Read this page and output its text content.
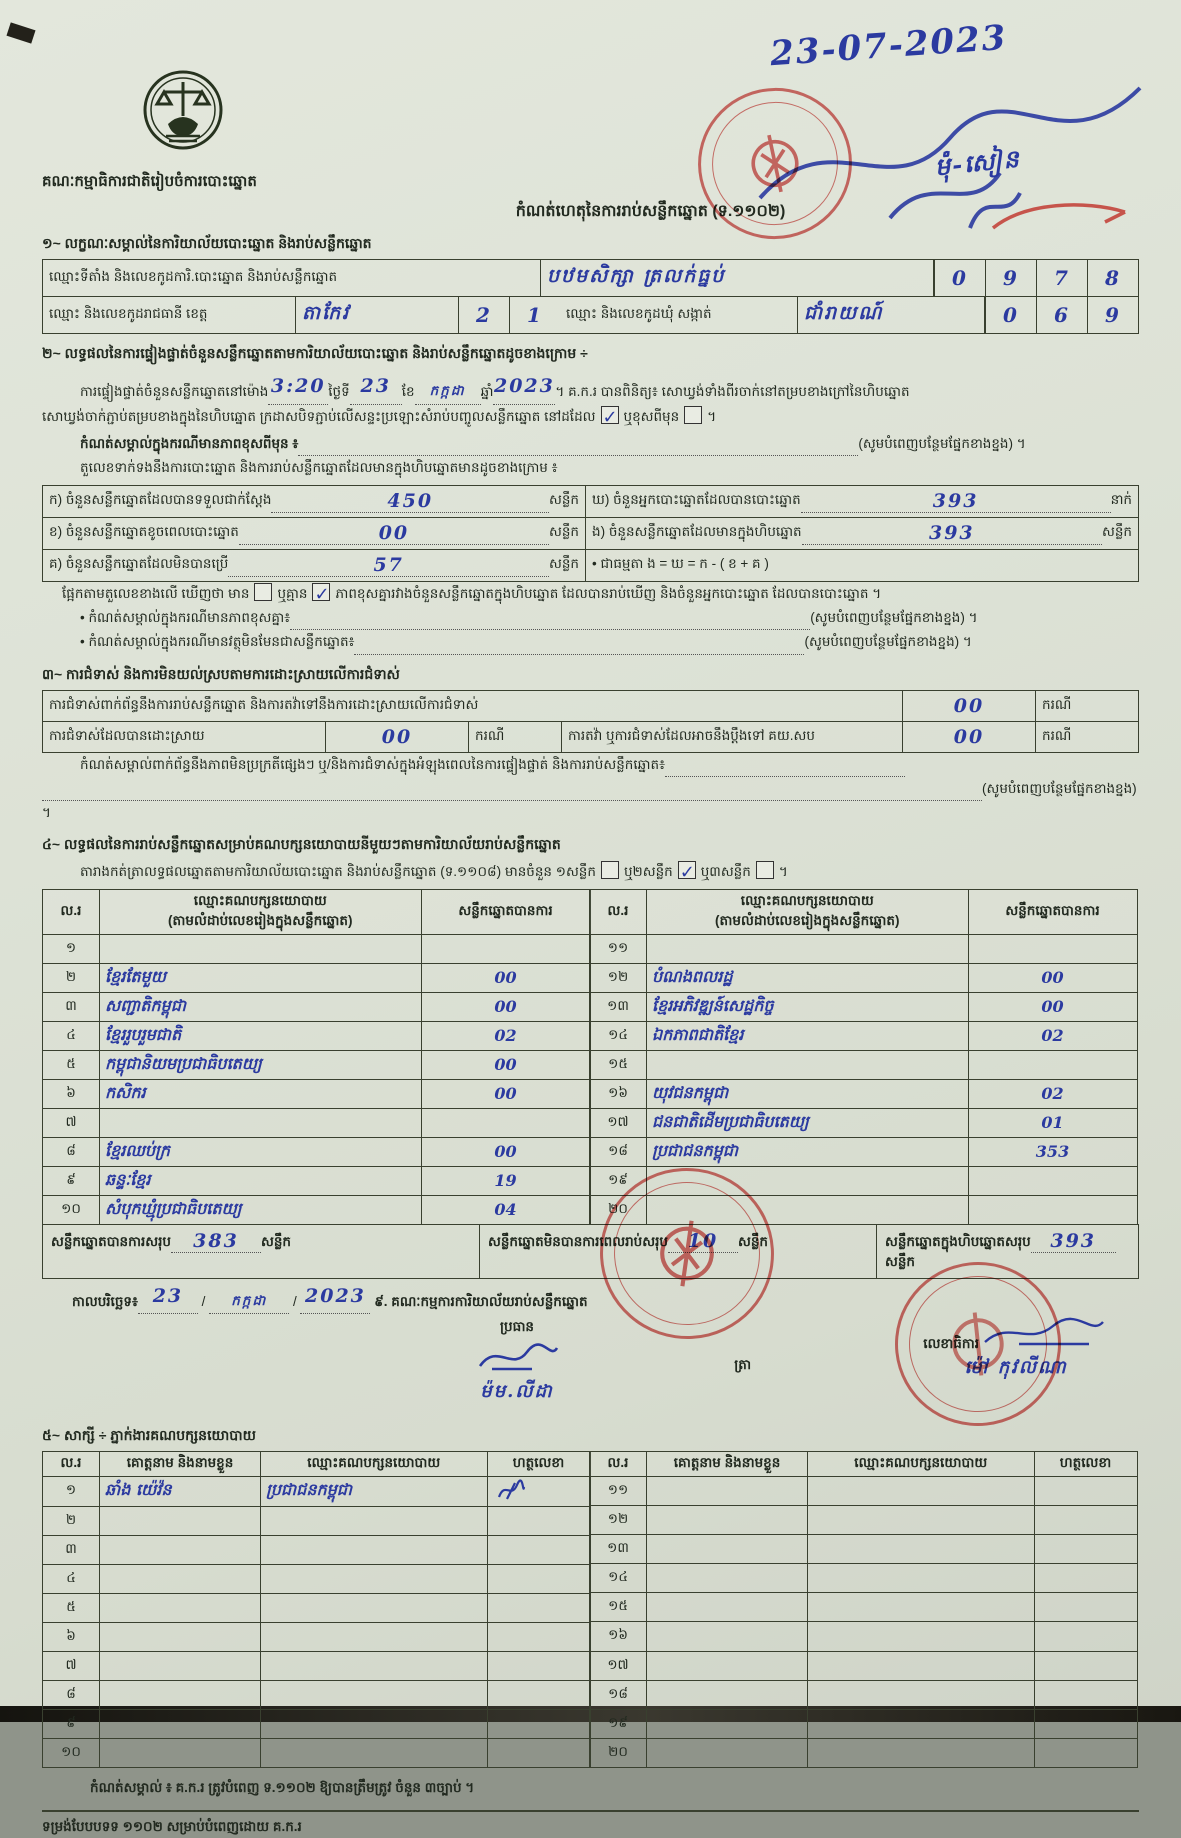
គណៈកម្មាធិការជាតិរៀបចំការបោះឆ្នោត
កំណត់ហេតុនៃការរាប់សន្លឹកឆ្នោត (ទ.១១០២)
១~ លក្ខណៈសម្គាល់នៃការិយាល័យបោះឆ្នោត និងរាប់សន្លឹកឆ្នោត
ឈ្មោះទីតាំង និងលេខកូដការិ.បោះឆ្នោត និងរាប់សន្លឹកឆ្នោត	បឋមសិក្សា ត្រលក់ធ្នប់	0 9 7 8
ឈ្មោះ និងលេខកូដរាជធានី ខេត្ត	តាកែវ	2 1	ឈ្មោះ និងលេខកូដឃុំ សង្កាត់	ជាំរាយណ៍	0 6 9
២~ លទ្ធផលនៃការផ្ទៀងផ្ទាត់ចំនួនសន្លឹកឆ្នោតតាមការិយាល័យបោះឆ្នោត និងរាប់សន្លឹកឆ្នោតដូចខាងក្រោម ÷
ការផ្ទៀងផ្ទាត់ចំនួនសន្លឹកឆ្នោតនៅម៉ោង 3:20 ថ្ងៃទី 23 ខែ កក្កដា ឆ្នាំ2023។ គ.ក.រ បានពិនិត្យ៖ សោឃ្វង់ទាំងពីរចាក់នៅតម្របខាងក្រៅនៃហិបឆ្នោត
សោឃ្វង់ចាក់ភ្ជាប់តម្របខាងក្នុងនៃហិបឆ្នោត ក្រដាសបិទភ្ជាប់លើសន្ទះប្រឡោះសំរាប់បញ្ចូលសន្លឹកឆ្នោត នៅដដែល ✓ ឬខុសពីមុន ។
កំណត់សម្គាល់ក្នុងករណីមានភាពខុសពីមុន ៖	(សូមបំពេញបន្ថែមផ្នែកខាងខ្នង) ។
តួលេខទាក់ទងនឹងការបោះឆ្នោត និងការរាប់សន្លឹកឆ្នោតដែលមានក្នុងហិបឆ្នោតមានដូចខាងក្រោម ៖
ក) ចំនួនសន្លឹកឆ្នោតដែលបានទទួលជាក់ស្តែង	450	សន្លឹក ឃ) ចំនួនអ្នកបោះឆ្នោតដែលបានបោះឆ្នោត	393	នាក់
ខ) ចំនួនសន្លឹកឆ្នោតខូចពេលបោះឆ្នោត	00	សន្លឹក ង) ចំនួនសន្លឹកឆ្នោតដែលមានក្នុងហិបឆ្នោត	393	សន្លឹក
គ) ចំនួនសន្លឹកឆ្នោតដែលមិនបានប្រើ	57	សន្លឹក • ជាធម្មតា ង = ឃ = ក - ( ខ + គ )
ផ្អែកតាមតួលេខខាងលើ ឃើញថា មាន ឬគ្មាន ✓ ភាពខុសគ្នារវាងចំនួនសន្លឹកឆ្នោតក្នុងហិបឆ្នោត ដែលបានរាប់ឃើញ និងចំនួនអ្នកបោះឆ្នោត ដែលបានបោះឆ្នោត ។
• កំណត់សម្គាល់ក្នុងករណីមានភាពខុសគ្នា៖	(សូមបំពេញបន្ថែមផ្នែកខាងខ្នង) ។
• កំណត់សម្គាល់ក្នុងករណីមានវត្ថុមិនមែនជាសន្លឹកឆ្នោត៖	(សូមបំពេញបន្ថែមផ្នែកខាងខ្នង) ។
៣~ ការជំទាស់ និងការមិនយល់ស្របតាមការដោះស្រាយលើការជំទាស់
ការជំទាស់ពាក់ព័ន្ធនឹងការរាប់សន្លឹកឆ្នោត និងការតវ៉ាទៅនឹងការដោះស្រាយលើការជំទាស់	00	ករណី
ការជំទាស់ដែលបានដោះស្រាយ	00	ករណី	ការតវ៉ា ឬការជំទាស់ដែលអាចនឹងប្តឹងទៅ គយ.សប	00	ករណី
កំណត់សម្គាល់ពាក់ព័ន្ធនឹងភាពមិនប្រក្រតីផ្សេងៗ ឬ/និងការជំទាស់ក្នុងអំឡុងពេលនៃការផ្ទៀងផ្ទាត់ និងការរាប់សន្លឹកឆ្នោត៖
(សូមបំពេញបន្ថែមផ្នែកខាងខ្នង) ។
៤~ លទ្ធផលនៃការរាប់សន្លឹកឆ្នោតសម្រាប់គណបក្សនយោបាយនីមួយៗតាមការិយាល័យរាប់សន្លឹកឆ្នោត
តារាងកត់ត្រាលទ្ធផលឆ្នោតតាមការិយាល័យបោះឆ្នោត និងរាប់សន្លឹកឆ្នោត (ទ.១១០៨) មានចំនួន ១សន្លឹក ឬ២សន្លឹក ✓ ឬ៣សន្លឹក ។
ល.រ	ឈ្មោះគណបក្សនយោបាយ
(តាមលំដាប់លេខរៀងក្នុងសន្លឹកឆ្នោត)	សន្លឹកឆ្នោតបានការ
១		
២	ខ្មែរតែមួយ	00
៣	សញ្ជាតិកម្ពុជា	00
៤	ខ្មែររួបរួមជាតិ	02
៥	កម្ពុជានិយមប្រជាធិបតេយ្យ	00
៦	កសិករ	00
៧		
៨	ខ្មែរឈប់ក្រ	00
៩	ឆន្ទៈខ្មែរ	19
១០	សំបុកឃ្មុំប្រជាធិបតេយ្យ	04
ល.រ	ឈ្មោះគណបក្សនយោបាយ
(តាមលំដាប់លេខរៀងក្នុងសន្លឹកឆ្នោត)	សន្លឹកឆ្នោតបានការ
១១		
១២	បំណងពលរដ្ឋ	00
១៣	ខ្មែរអភិវឌ្ឍន៍សេដ្ឋកិច្ច	00
១៤	ឯកភាពជាតិខ្មែរ	02
១៥		
១៦	យុវជនកម្ពុជា	02
១៧	ជនជាតិដើមប្រជាធិបតេយ្យ	01
១៨	ប្រជាជនកម្ពុជា	353
១៩		
២០		
សន្លឹកឆ្នោតបានការសរុប 383 សន្លឹក	សន្លឹកឆ្នោតមិនបានការពេលរាប់សរុប 10 សន្លឹក	សន្លឹកឆ្នោតក្នុងហិបឆ្នោតសរុប 393សន្លឹក
កាលបរិច្ឆេទ៖ 23 / កក្កដា / 2023 ៩. គណៈកម្មការការិយាល័យរាប់សន្លឹកឆ្នោត
ប្រធាន

ម៉ម.លីដា
ត្រា
លេខាធិការ
ម៉ៅ កុវលីណា
៥~ សាក្សី ÷ ភ្នាក់ងារគណបក្សនយោបាយ
ល.រ	គោត្តនាម និងនាមខ្លួន	ឈ្មោះគណបក្សនយោបាយ	ហត្ថលេខា
១	ឆាំង យ៉េវ៉ន	ប្រជាជនកម្ពុជា	
២			
៣			
៤			
៥			
៦			
៧			
៨			
៩			
១០			
ល.រ	គោត្តនាម និងនាមខ្លួន	ឈ្មោះគណបក្សនយោបាយ	ហត្ថលេខា
១១			
១២			
១៣			
១៤			
១៥			
១៦			
១៧			
១៨			
១៩			
២០			
កំណត់សម្គាល់ ៖ គ.ក.រ ត្រូវបំពេញ ទ.១១០២ ឱ្យបានត្រឹមត្រូវ ចំនួន ៣ច្បាប់ ។
ទម្រង់បែបបទទ ១១០២ សម្រាប់បំពេញដោយ គ.ក.រ
23-07-2023
ម៉ុំ-សៀន
